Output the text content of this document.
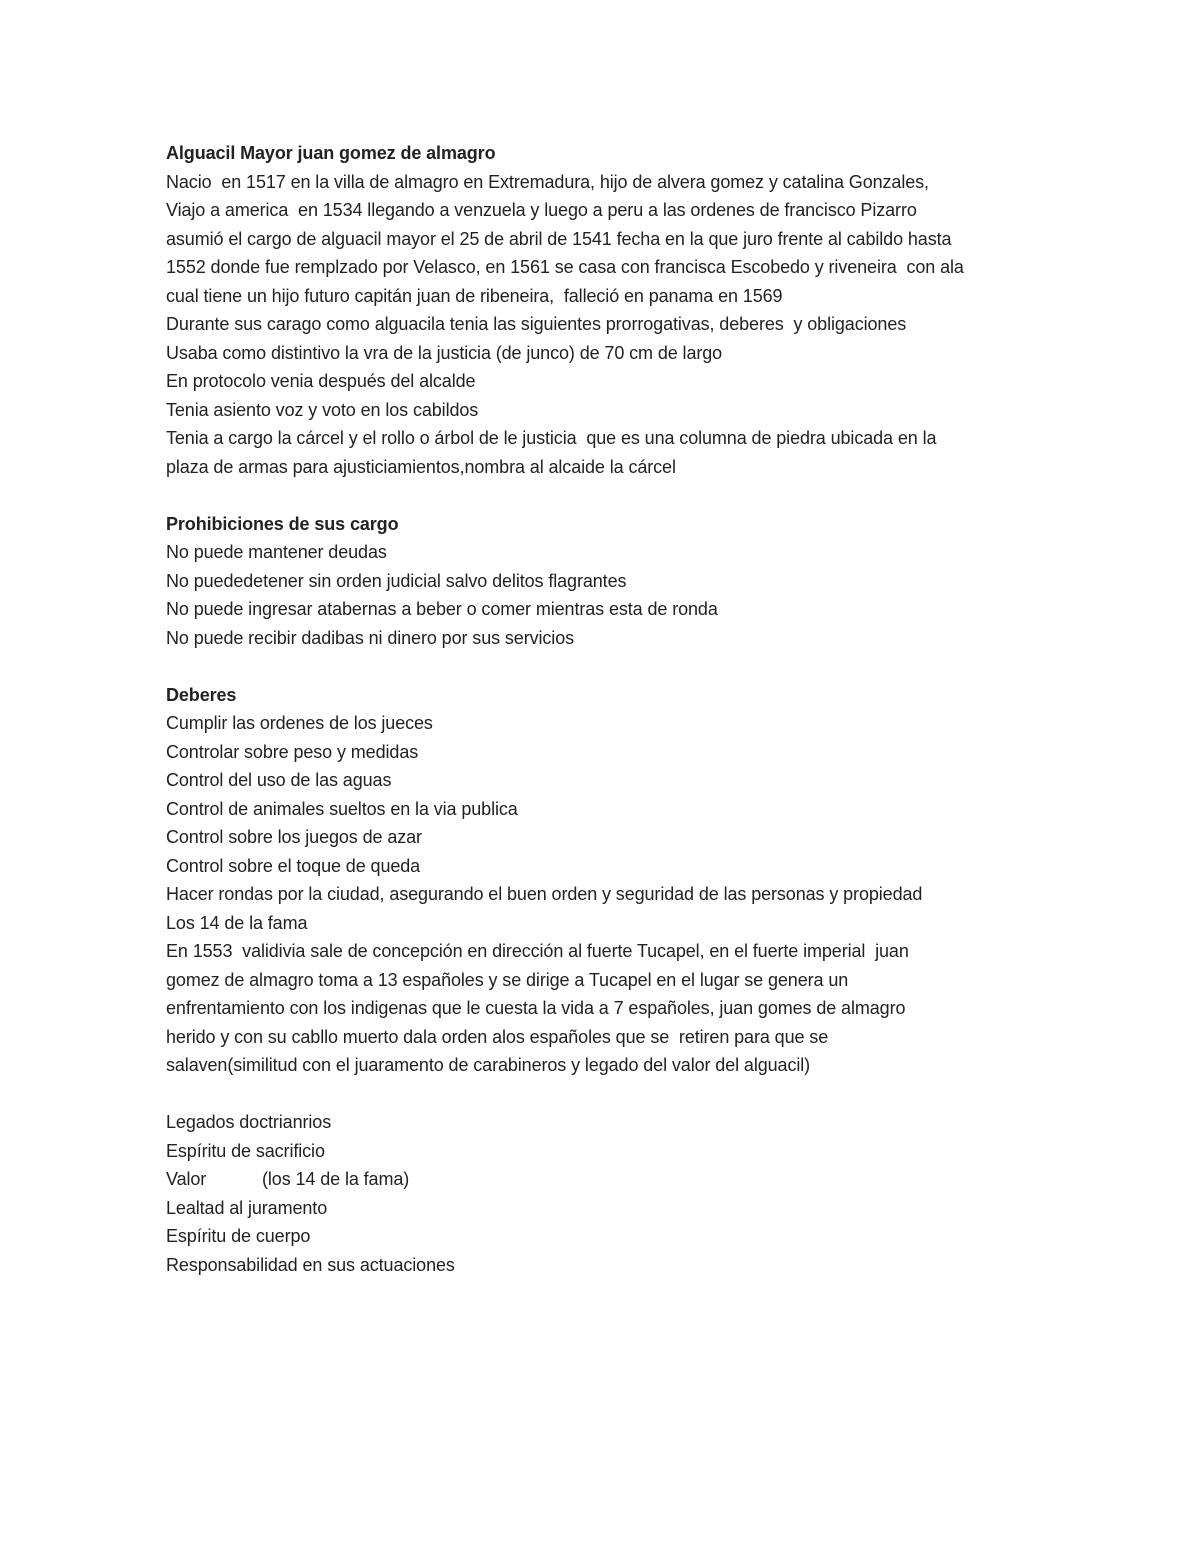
Alguacil Mayor juan gomez de almagro
Nacio  en 1517 en la villa de almagro en Extremadura, hijo de alvera gomez y catalina Gonzales,
Viajo a america  en 1534 llegando a venzuela y luego a peru a las ordenes de francisco Pizarro
asumió el cargo de alguacil mayor el 25 de abril de 1541 fecha en la que juro frente al cabildo hasta
1552 donde fue remplzado por Velasco, en 1561 se casa con francisca Escobedo y riveneira  con ala
cual tiene un hijo futuro capitán juan de ribeneira,  falleció en panama en 1569
Durante sus carago como alguacila tenia las siguientes prorrogativas, deberes  y obligaciones
Usaba como distintivo la vra de la justicia (de junco) de 70 cm de largo
En protocolo venia después del alcalde
Tenia asiento voz y voto en los cabildos
Tenia a cargo la cárcel y el rollo o árbol de le justicia  que es una columna de piedra ubicada en la
plaza de armas para ajusticiamientos,nombra al alcaide la cárcel
Prohibiciones de sus cargo
No puede mantener deudas
No puededetener sin orden judicial salvo delitos flagrantes
No puede ingresar atabernas a beber o comer mientras esta de ronda
No puede recibir dadibas ni dinero por sus servicios
Deberes
Cumplir las ordenes de los jueces
Controlar sobre peso y medidas
Control del uso de las aguas
Control de animales sueltos en la via publica
Control sobre los juegos de azar
Control sobre el toque de queda
Hacer rondas por la ciudad, asegurando el buen orden y seguridad de las personas y propiedad
Los 14 de la fama
En 1553  validivia sale de concepción en dirección al fuerte Tucapel, en el fuerte imperial  juan
gomez de almagro toma a 13 españoles y se dirige a Tucapel en el lugar se genera un
enfrentamiento con los indigenas que le cuesta la vida a 7 españoles, juan gomes de almagro
herido y con su cabllo muerto dala orden alos españoles que se  retiren para que se
salaven(similitud con el juaramento de carabineros y legado del valor del alguacil)
Legados doctrianrios
Espíritu de sacrificio
Valor	(los 14 de la fama)
Lealtad al juramento
Espíritu de cuerpo
Responsabilidad en sus actuaciones
